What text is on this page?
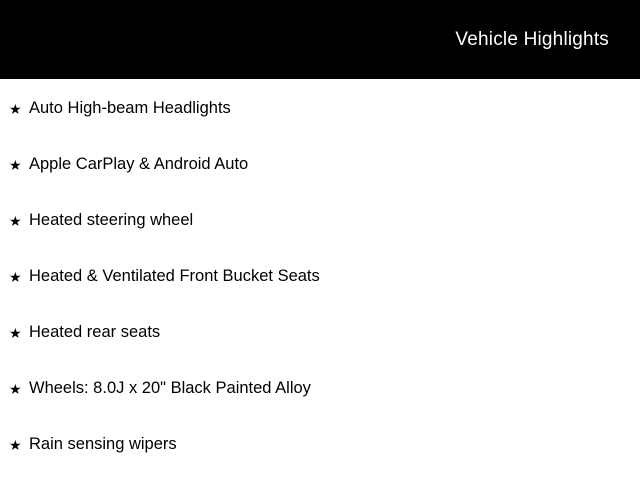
Vehicle Highlights
★ Auto High-beam Headlights
★ Apple CarPlay & Android Auto
★ Heated steering wheel
★ Heated & Ventilated Front Bucket Seats
★ Heated rear seats
★ Wheels: 8.0J x 20" Black Painted Alloy
★ Rain sensing wipers
